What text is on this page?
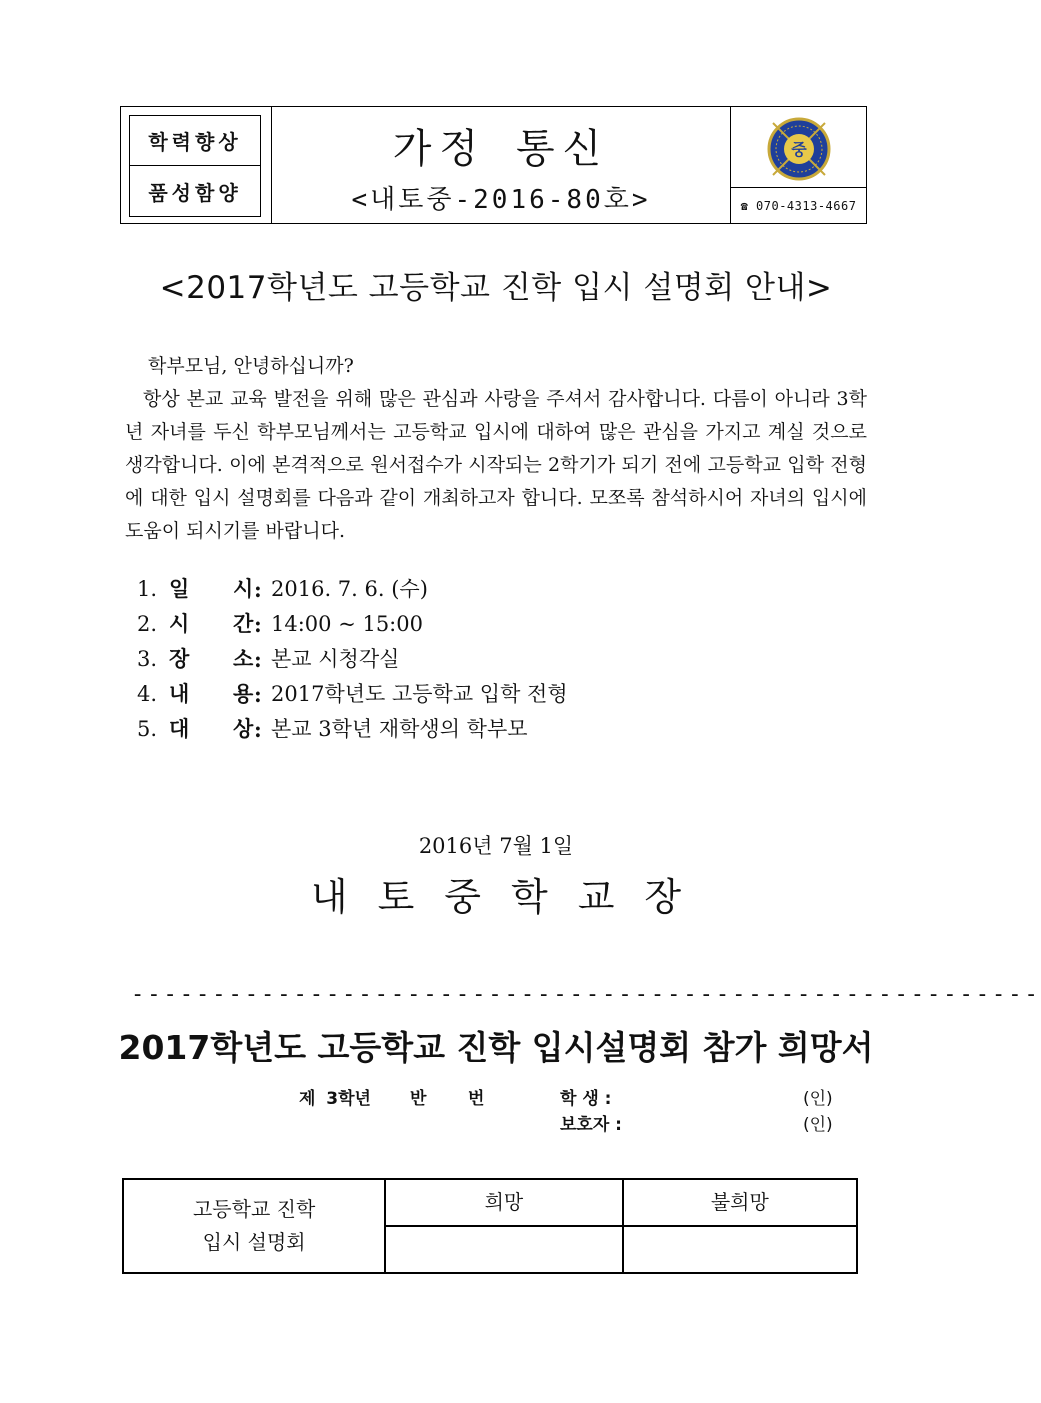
학력향상
품성함양
가정 통신
<내토중-2016-80호>
중
☎ 070-4313-4667
<2017학년도 고등학교 진학 입시 설명회 안내>

학부모님, 안녕하십니까?

항상 본교 교육 발전을 위해 많은 관심과 사랑을 주셔서 감사합니다. 다름이 아니라 3학년 자녀를 두신 학부모님께서는 고등학교 입시에 대하여 많은 관심을 가지고 계실 것으로 생각합니다. 이에 본격적으로 원서접수가 시작되는 2학기가 되기 전에 고등학교 입학 전형에 대한 입시 설명회를 다음과 같이 개최하고자 합니다. 모쪼록 참석하시어 자녀의 입시에 도움이 되시기를 바랍니다.

1. 일 시 : 2016. 7. 6. (수)
2. 시 간 : 14:00 ~ 15:00
3. 장 소 : 본교 시청각실
4. 내 용 : 2017학년도 고등학교 입학 전형
5. 대 상 : 본교 3학년 재학생의 학부모
2016년 7월 1일
내토중학교장
--------------------------------------------------------
2017학년도 고등학교 진학 입시설명회 참가 희망서
제 3학년 반 번	학 생 :	(인)
보호자 :	(인)
고등학교 진학
입시 설명회	희망	불희망
